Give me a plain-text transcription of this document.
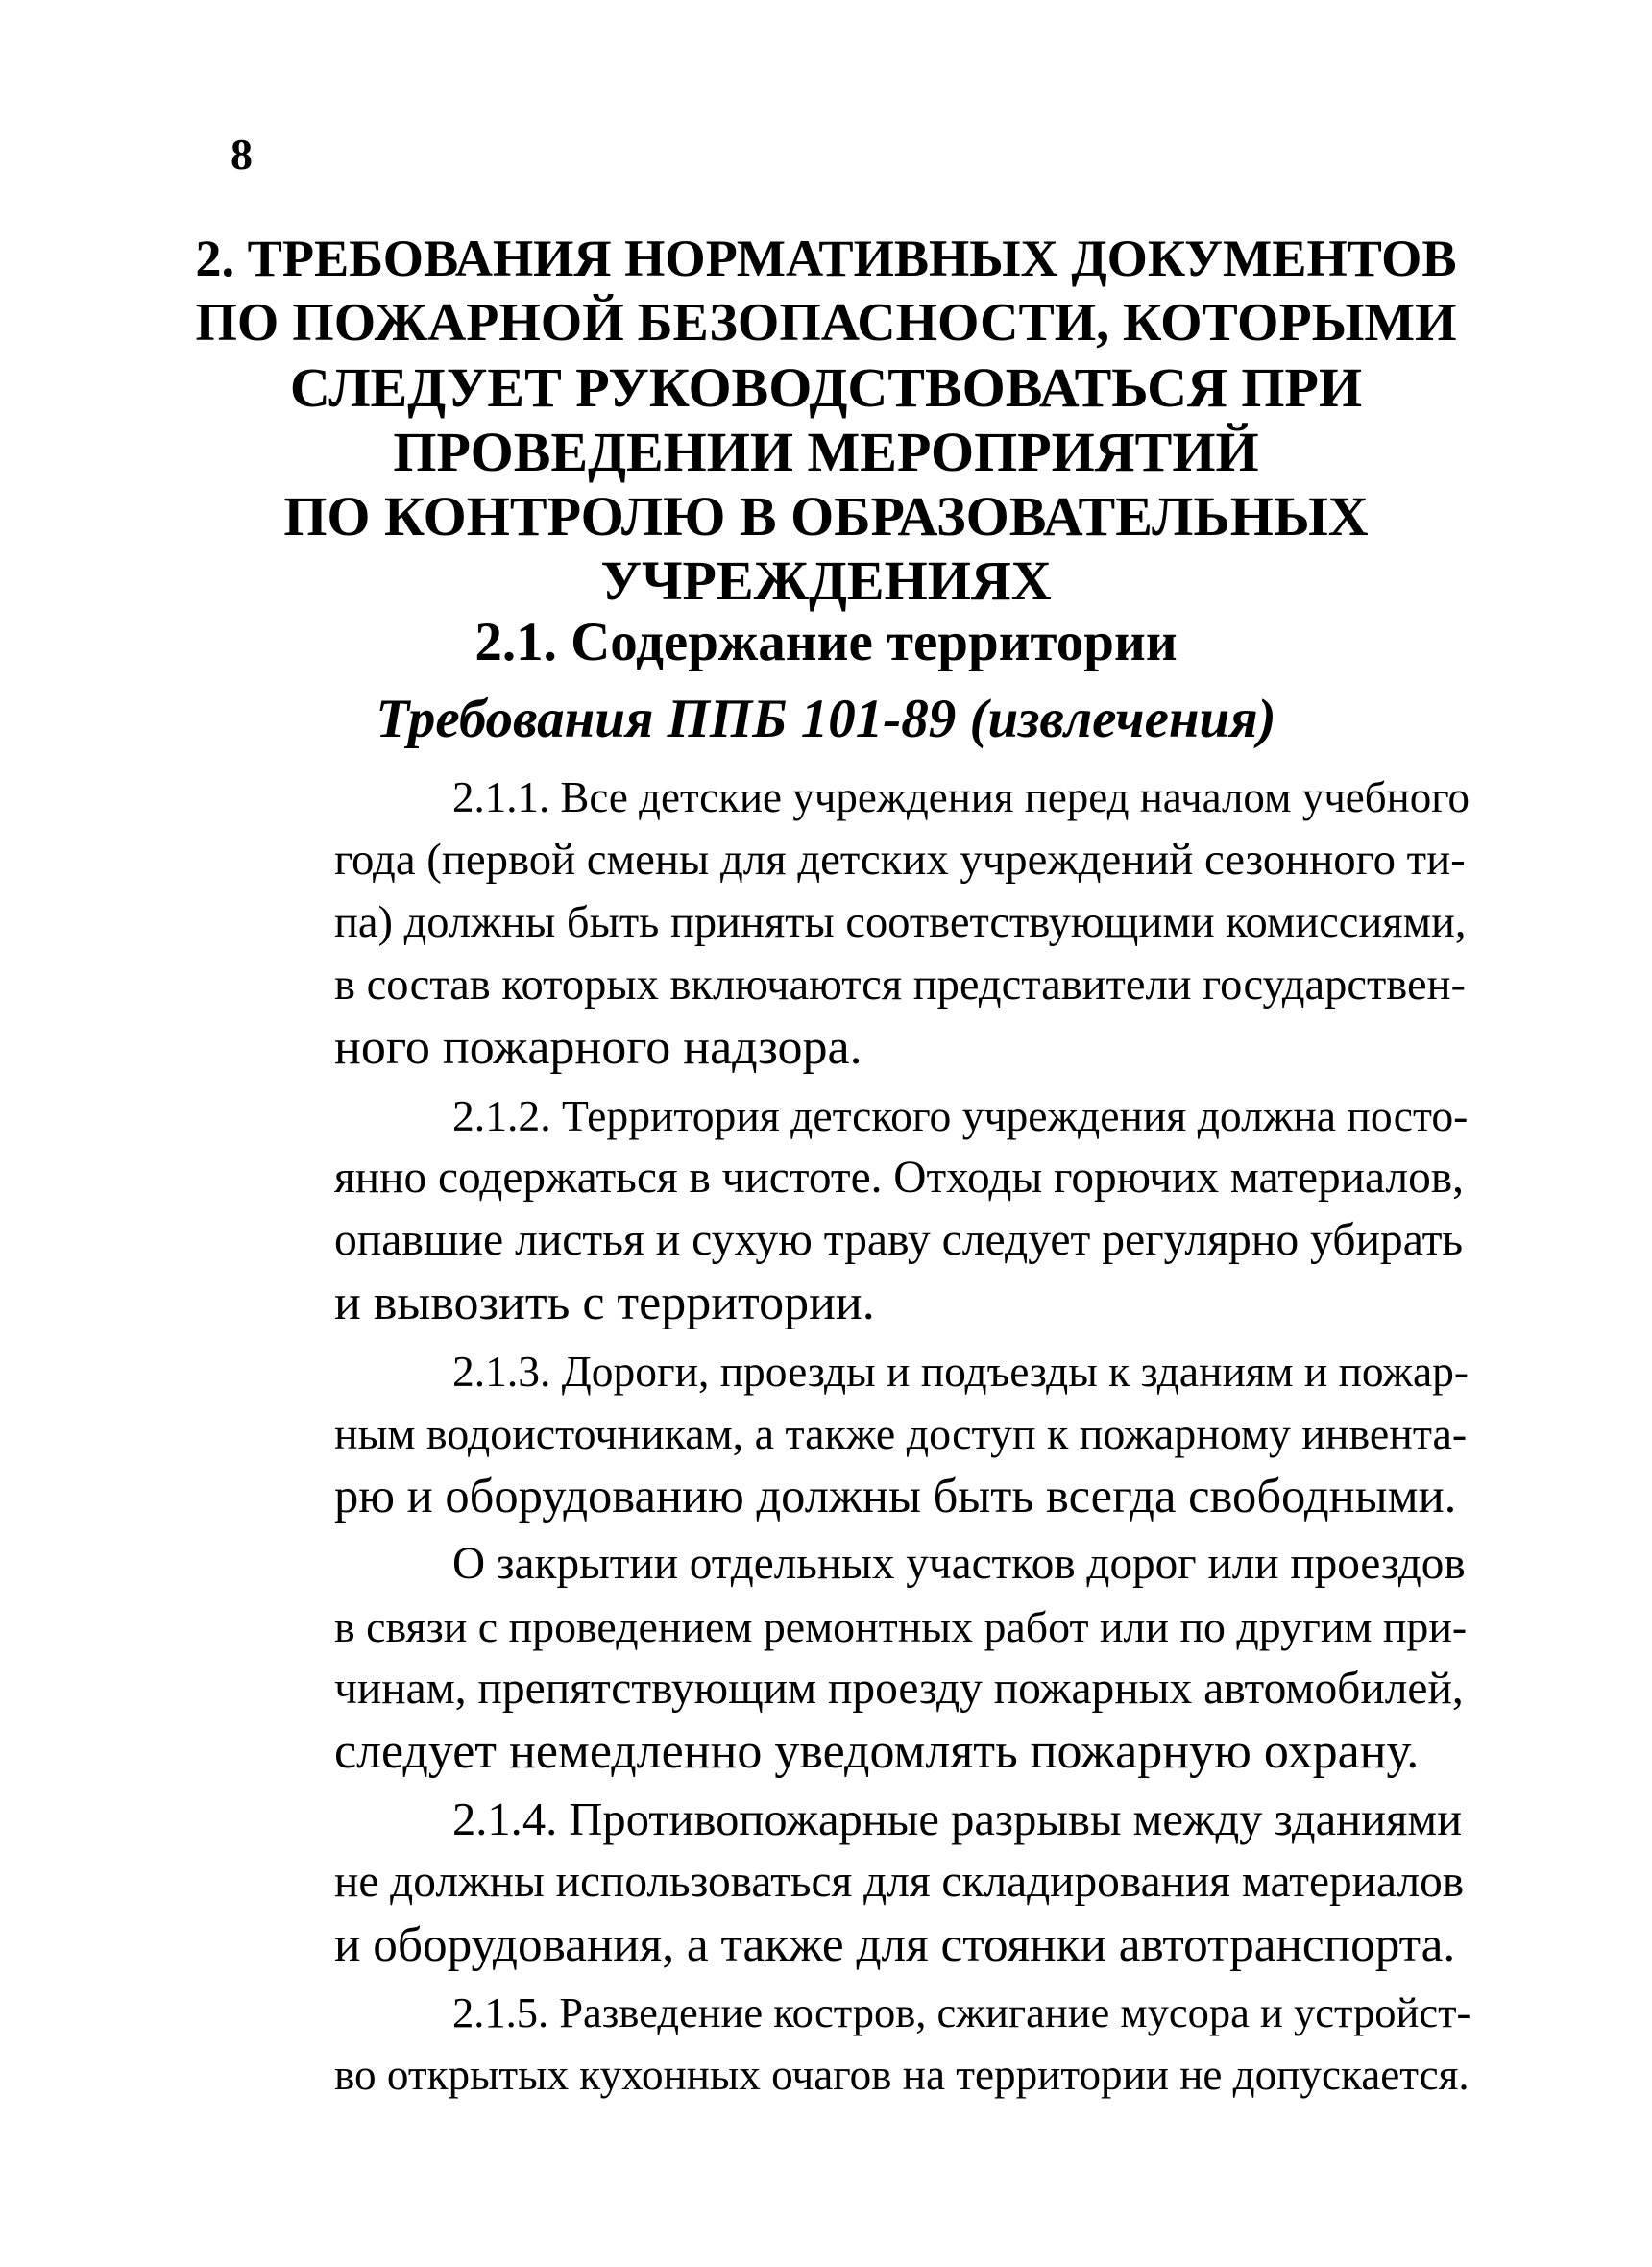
8
2. ТРЕБОВАНИЯ НОРМАТИВНЫХ ДОКУМЕНТОВ
ПО ПОЖАРНОЙ БЕЗОПАСНОСТИ, КОТОРЫМИ
СЛЕДУЕТ РУКОВОДСТВОВАТЬСЯ ПРИ
ПРОВЕДЕНИИ МЕРОПРИЯТИЙ
ПО КОНТРОЛЮ В ОБРАЗОВАТЕЛЬНЫХ
УЧРЕЖДЕНИЯХ
2.1. Содержание территории
Требования ППБ 101-89 (извлечения)

2.1.1. Все детские учреждения перед началом учебного
года (первой смены для детских учреждений сезонного ти-
па) должны быть приняты соответствующими комиссиями,
в состав которых включаются представители государствен-
ного пожарного надзора.

2.1.2. Территория детского учреждения должна посто-
янно содержаться в чистоте. Отходы горючих материалов,
опавшие листья и сухую траву следует регулярно убирать
и вывозить с территории.

2.1.3. Дороги, проезды и подъезды к зданиям и пожар-
ным водоисточникам, а также доступ к пожарному инвента-
рю и оборудованию должны быть всегда свободными.

О закрытии отдельных участков дорог или проездов
в связи с проведением ремонтных работ или по другим при-
чинам, препятствующим проезду пожарных автомобилей,
следует немедленно уведомлять пожарную охрану.

2.1.4. Противопожарные разрывы между зданиями
не должны использоваться для складирования материалов
и оборудования, а также для стоянки автотранспорта.

2.1.5. Разведение костров, сжигание мусора и устройст-
во открытых кухонных очагов на территории не допускается.
